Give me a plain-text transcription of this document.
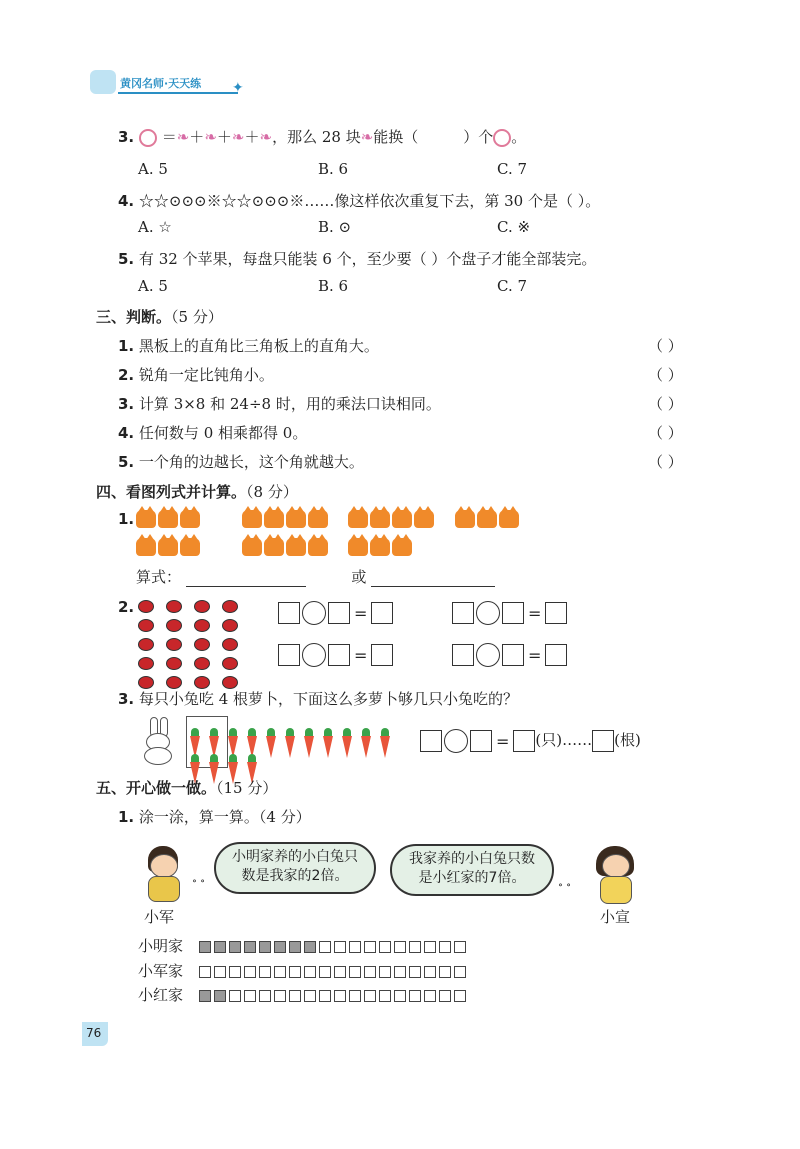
黄冈名师·天天练 ✦
3. ＝❧＋❧＋❧＋❧，那么 28 块❧能换（　　　）个 。
A. 5	B. 6	C. 7
4. ☆☆⊙⊙⊙※☆☆⊙⊙⊙※……像这样依次重复下去，第 30 个是（ ）。
A. ☆	B. ⊙	C. ※
5. 有 32 个苹果，每盘只能装 6 个，至少要（ ）个盘子才能全部装完。
A. 5	B. 6	C. 7
三、判断。（5 分）
1. 黑板上的直角比三角板上的直角大。	（ ）
2. 锐角一定比钝角小。	（ ）
3. 计算 3×8 和 24÷8 时，用的乘法口诀相同。	（ ）
4. 任何数与 0 相乘都得 0。	（ ）
5. 一个角的边越长，这个角就越大。	（ ）
四、看图列式并计算。（8 分）
1.
算式：	或
2.	=	=
=	=
3. 每只小兔吃 4 根萝卜，下面这么多萝卜够几只小兔吃的？
= (只)…… (根)
五、开心做一做。（15 分）
1. 涂一涂，算一算。（4 分）
∘ ∘
小明家养的小白兔只数是我家的2倍。
我家养的小白兔只数是小红家的7倍。	∘ ∘
小军	小宣
小明家
小军家
小红家
76
